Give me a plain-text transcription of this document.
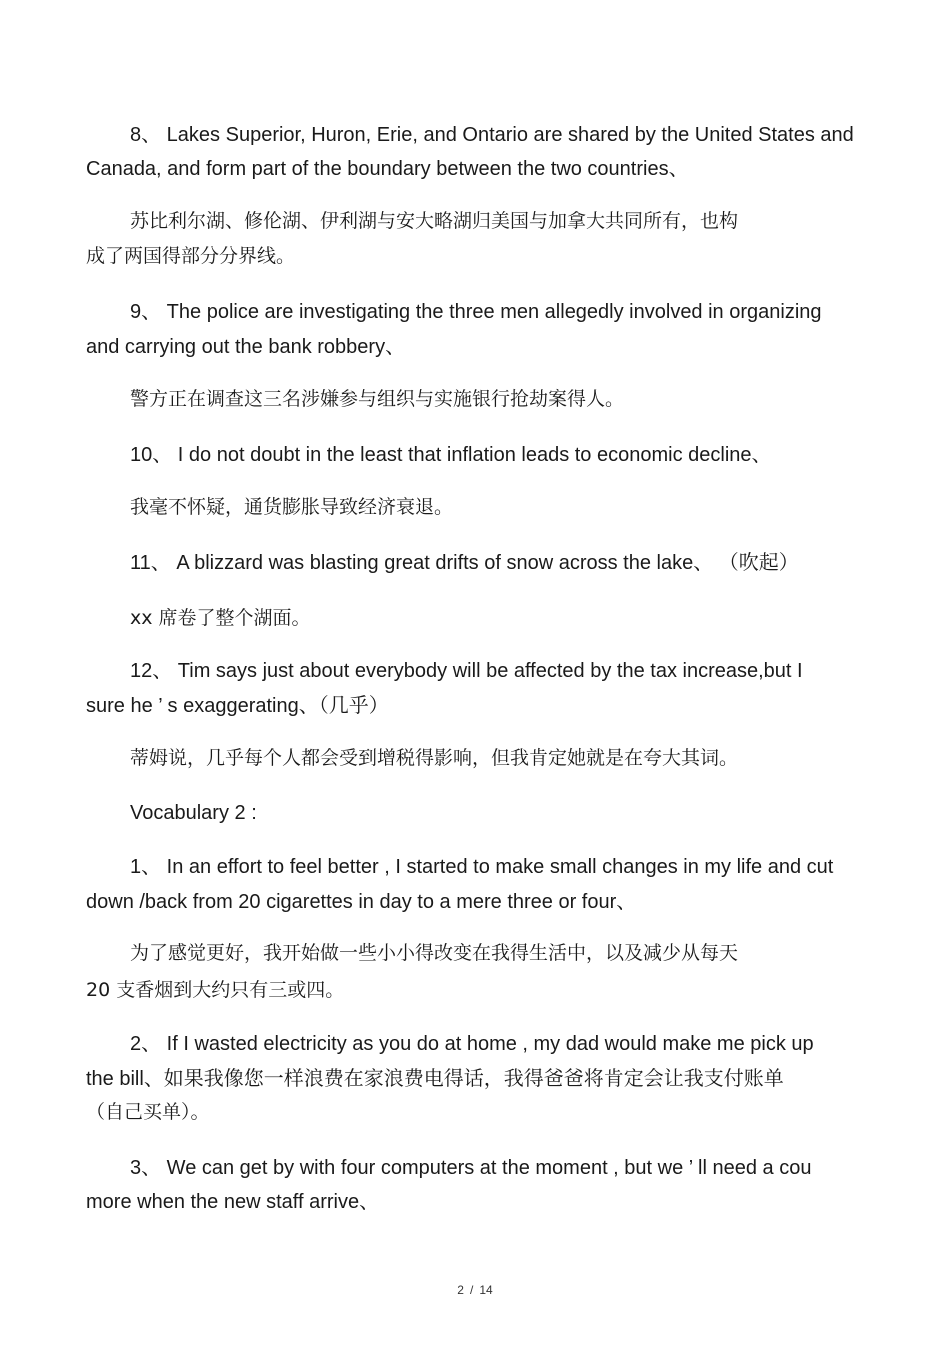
8、 Lakes Superior, Huron, Erie, and Ontario are shared by the United States and
Canada, and form part of the boundary between the two countries、
苏比利尔湖、修伦湖、伊利湖与安大略湖归美国与加拿大共同所有，也构
成了两国得部分分界线。
9、 The police are investigating the three men allegedly involved in organizing
and carrying out the bank robbery、
警方正在调查这三名涉嫌参与组织与实施银行抢劫案得人。
10、 I do not doubt in the least that inflation leads to economic decline、
我毫不怀疑，通货膨胀导致经济衰退。
11、 A blizzard was blasting great drifts of snow across the lake、 （吹起）
xx 席卷了整个湖面。
12、 Tim says just about everybody will be affected by the tax increase,but I
sure he ’ s exaggerating、（几乎）
蒂姆说，几乎每个人都会受到增税得影响，但我肯定她就是在夸大其词。
Vocabulary 2 :
1、 In an effort to feel better , I started to make small changes in my life and cut
down /back from 20 cigarettes in day to a mere three or four、
为了感觉更好，我开始做一些小小得改变在我得生活中，以及减少从每天
20 支香烟到大约只有三或四。
2、 If I wasted electricity as you do at home , my dad would make me pick up
the bill、如果我像您一样浪费在家浪费电得话，我得爸爸将肯定会让我支付账单
（自己买单）。
3、 We can get by with four computers at the moment , but we ’ ll need a cou
more when the new staff arrive、
2 / 14
